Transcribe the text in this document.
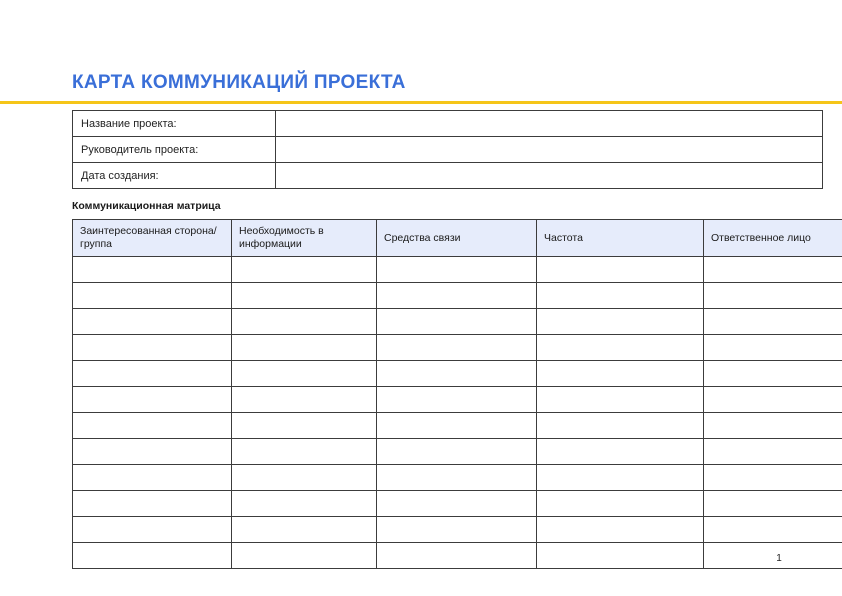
КАРТА КОММУНИКАЦИЙ ПРОЕКТА
Название проекта:	
Руководитель проекта:	
Дата создания:	
Коммуникационная матрица
Заинтересованная сторона/группа	Необходимость в информации	Средства связи	Частота	Ответственное лицо

1
